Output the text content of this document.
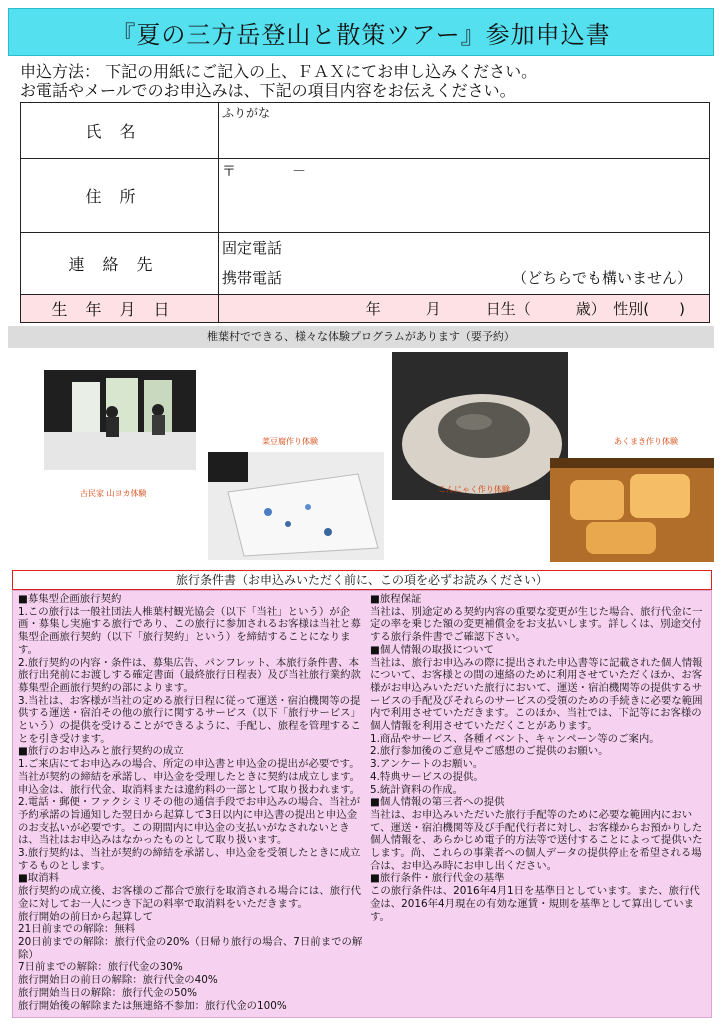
『夏の三方岳登山と散策ツアー』参加申込書
申込方法： 下記の用紙にご記入の上、ＦＡＸにてお申し込みください。
お電話やメールでのお申込みは、下記の項目内容をお伝えください。
氏名	ふりがな

住所	〒　　　　－

連絡先	固定電話
携帯電話 （どちらでも構いません）

生年月日	年　　　月　　　日生（　　　歳）　性別(　　)
椎葉村でできる、様々な体験プログラムがあります（要予約）
古民家 山ヨカ体験
菜豆腐作り体験
こんにゃく作り体験
あくまき作り体験
旅行条件書（お申込みいただく前に、この項を必ずお読みください）

■募集型企画旅行契約

1.この旅行は一般社団法人椎葉村観光協会（以下「当社」という）が企画・募集し実施する旅行であり、この旅行に参加されるお客様は当社と募集型企画旅行契約（以下「旅行契約」という）を締結することになります。

2.旅行契約の内容・条件は、募集広告、パンフレット、本旅行条件書、本旅行出発前にお渡しする確定書面（最終旅行日程表）及び当社旅行業約款募集型企画旅行契約の部によります。

3.当社は、お客様が当社の定める旅行日程に従って運送・宿泊機関等の提供する運送・宿泊その他の旅行に関するサービス（以下「旅行サービス」という）の提供を受けることができるように、手配し、旅程を管理することを引き受けます。

■旅行のお申込みと旅行契約の成立

1.ご来店にてお申込みの場合、所定の申込書と申込金の提出が必要です。当社が契約の締結を承諾し、申込金を受理したときに契約は成立します。申込金は、旅行代金、取消料または違約料の一部として取り扱われます。

2.電話・郵便・ファクシミリその他の通信手段でお申込みの場合、当社が予約承諾の旨通知した翌日から起算して3日以内に申込書の提出と申込金のお支払いが必要です。この期間内に申込金の支払いがなされないときは、当社はお申込みはなかったものとして取り扱います。

3.旅行契約は、当社が契約の締結を承諾し、申込金を受領したときに成立するものとします。

■取消料

旅行契約の成立後、お客様のご都合で旅行を取消される場合には、旅行代金に対してお一人につき下記の料率で取消料をいただきます。

旅行開始の前日から起算して

21日前までの解除：無料

20日前までの解除：旅行代金の20%（日帰り旅行の場合、7日前までの解除）

7日前までの解除：旅行代金の30%

旅行開始日の前日の解除：旅行代金の40%

旅行開始当日の解除：旅行代金の50%

旅行開始後の解除または無連絡不参加：旅行代金の100%

■旅程保証

当社は、別途定める契約内容の重要な変更が生じた場合、旅行代金に一定の率を乗じた額の変更補償金をお支払いします。詳しくは、別途交付する旅行条件書でご確認下さい。

■個人情報の取扱について

当社は、旅行お申込みの際に提出された申込書等に記載された個人情報について、お客様との間の連絡のために利用させていただくほか、お客様がお申込みいただいた旅行において、運送・宿泊機関等の提供するサービスの手配及びそれらのサービスの受領のための手続きに必要な範囲内で利用させていただきます。このほか、当社では、下記等にお客様の個人情報を利用させていただくことがあります。

1.商品やサービス、各種イベント、キャンペーン等のご案内。

2.旅行参加後のご意見やご感想のご提供のお願い。

3.アンケートのお願い。

4.特典サービスの提供。

5.統計資料の作成。

■個人情報の第三者への提供

当社は、お申込みいただいた旅行手配等のために必要な範囲内において、運送・宿泊機関等及び手配代行者に対し、お客様からお預かりした個人情報を、あらかじめ電子的方法等で送付することによって提供いたします。尚、これらの事業者への個人データの提供停止を希望される場合は、お申込み時にお申し出ください。

■旅行条件・旅行代金の基準

この旅行条件は、2016年4月1日を基準日としています。また、旅行代金は、2016年4月現在の有効な運賃・規則を基準として算出しています。
